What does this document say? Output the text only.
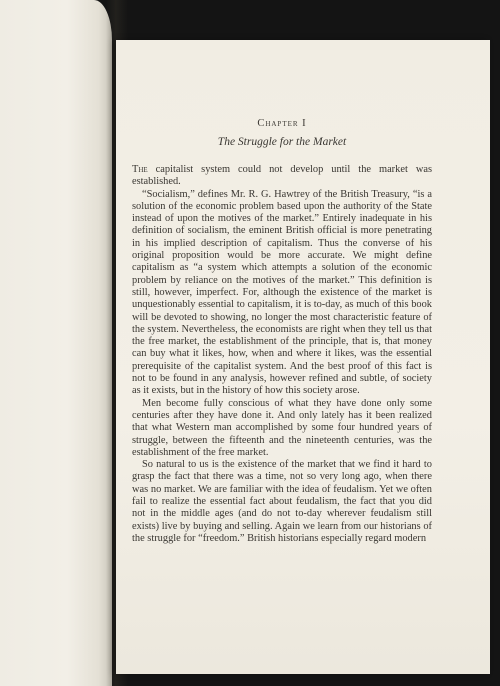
Chapter I
The Struggle for the Market

The capitalist system could not develop until the market was established.

“Socialism,” defines Mr. R. G. Hawtrey of the British Treasury, “is a solution of the economic problem based upon the authority of the State instead of upon the motives of the market.” Entirely inadequate in his definition of socialism, the eminent British official is more penetrating in his implied description of capitalism. Thus the converse of his original proposition would be more accurate. We might define capitalism as “a system which attempts a solution of the economic problem by reliance on the motives of the market.” This definition is still, however, imperfect. For, although the existence of the market is unquestionably essential to capitalism, it is to-day, as much of this book will be devoted to showing, no longer the most characteristic feature of the system. Nevertheless, the economists are right when they tell us that the free market, the establishment of the principle, that is, that money can buy what it likes, how, when and where it likes, was the essential prerequisite of the capitalist system. And the best proof of this fact is not to be found in any analysis, however refined and subtle, of society as it exists, but in the history of how this society arose.

Men become fully conscious of what they have done only some centuries after they have done it. And only lately has it been realized that what Western man accomplished by some four hundred years of struggle, between the fifteenth and the nineteenth centuries, was the establishment of the free market.

So natural to us is the existence of the market that we find it hard to grasp the fact that there was a time, not so very long ago, when there was no market. We are familiar with the idea of feudalism. Yet we often fail to realize the essential fact about feudalism, the fact that you did not in the middle ages (and do not to-day wherever feudalism still exists) live by buying and selling. Again we learn from our historians of the struggle for “freedom.” British historians especially regard modern
